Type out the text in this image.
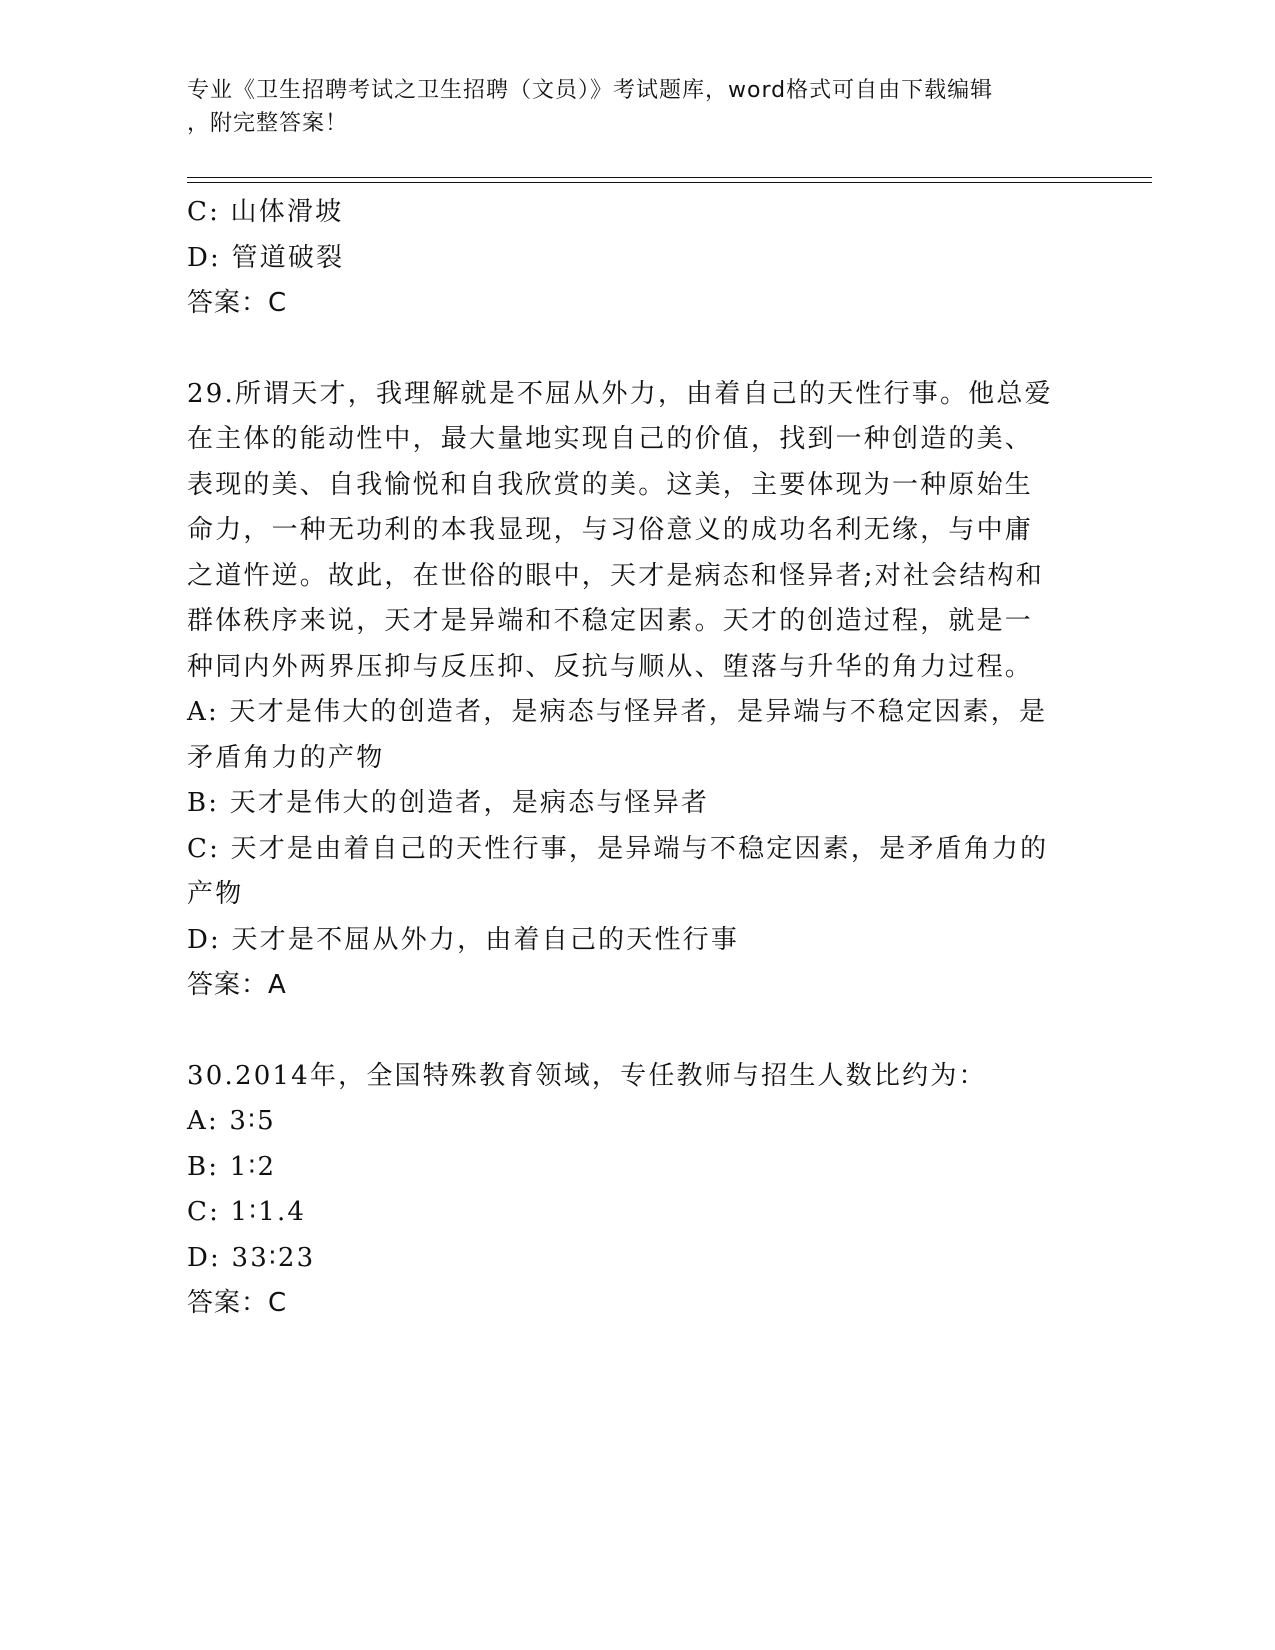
专业《卫生招聘考试之卫生招聘（文员）》考试题库，word格式可自由下载编辑
，附完整答案！
C: 山体滑坡
D: 管道破裂
答案：C
29.所谓天才，我理解就是不屈从外力，由着自己的天性行事。他总爱
在主体的能动性中，最大量地实现自己的价值，找到一种创造的美、
表现的美、自我愉悦和自我欣赏的美。这美，主要体现为一种原始生
命力，一种无功利的本我显现，与习俗意义的成功名利无缘，与中庸
之道忤逆。故此，在世俗的眼中，天才是病态和怪异者;对社会结构和
群体秩序来说，天才是异端和不稳定因素。天才的创造过程，就是一
种同内外两界压抑与反压抑、反抗与顺从、堕落与升华的角力过程。
A: 天才是伟大的创造者，是病态与怪异者，是异端与不稳定因素，是
矛盾角力的产物
B: 天才是伟大的创造者，是病态与怪异者
C: 天才是由着自己的天性行事，是异端与不稳定因素，是矛盾角力的
产物
D: 天才是不屈从外力，由着自己的天性行事
答案：A
30.2014年，全国特殊教育领域，专任教师与招生人数比约为：
A: 3∶5
B: 1∶2
C: 1∶1.4
D: 33∶23
答案：C
